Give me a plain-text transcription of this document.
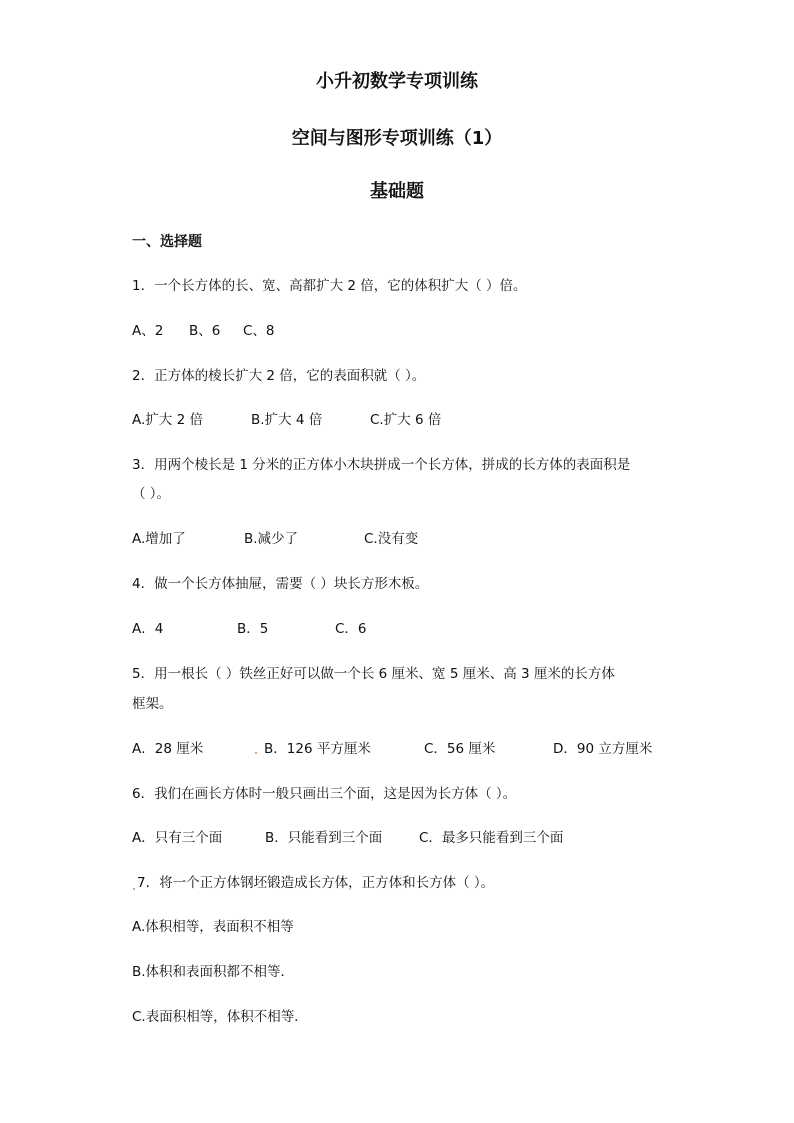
小升初数学专项训练
空间与图形专项训练（1）
基础题
一、选择题
1．一个长方体的长、宽、高都扩大 2 倍，它的体积扩大（ ）倍。
A、2 B、6 C、8
2．正方体的棱长扩大 2 倍，它的表面积就（ ）。
A.扩大 2 倍	B.扩大 4 倍	C.扩大 6 倍
3．用两个棱长是 1 分米的正方体小木块拼成一个长方体，拼成的长方体的表面积是
（ ）。
A.增加了	B.减少了	C.没有变
4．做一个长方体抽屉，需要（ ）块长方形木板。
A．4	B．5	C．6
5．用一根长（ ）铁丝正好可以做一个长 6 厘米、宽 5 厘米、高 3 厘米的长方体
框架。
A．28 厘米	B．126 平方厘米	C．56 厘米	D．90 立方厘米
6．我们在画长方体时一般只画出三个面，这是因为长方体（ ）。
A．只有三个面	B．只能看到三个面	C．最多只能看到三个面
7．将一个正方体钢坯锻造成长方体，正方体和长方体（ ）。
A.体积相等，表面积不相等
B.体积和表面积都不相等．
C.表面积相等，体积不相等．
